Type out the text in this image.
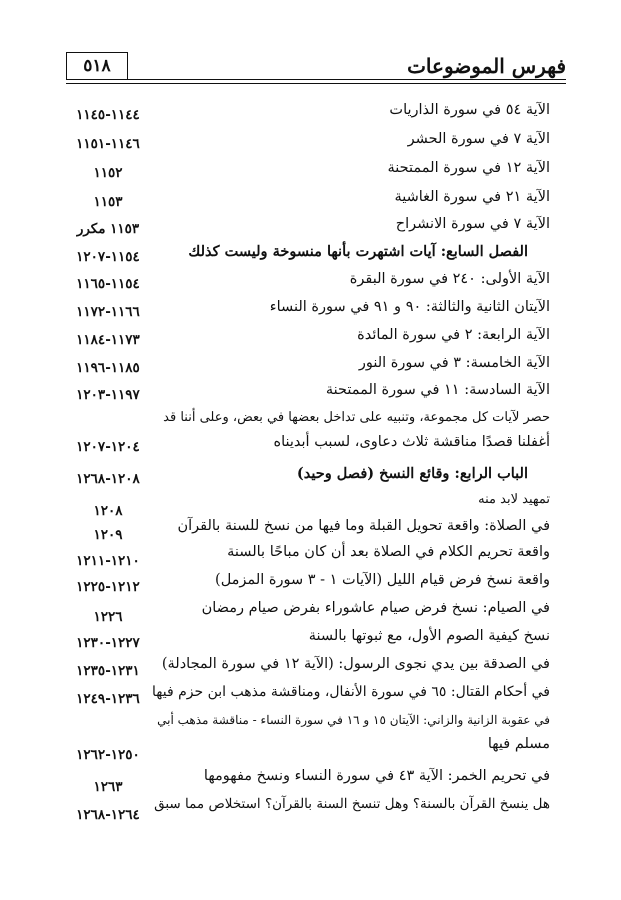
٥١٨	فهرس الموضوعات
الآية ٥٤ في سورة الذاريات
١١٤٤-١١٤٥
الآية ٧ في سورة الحشر
١١٤٦-١١٥١
الآية ١٢ في سورة الممتحنة
١١٥٢
الآية ٢١ في سورة الغاشية
١١٥٣
الآية ٧ في سورة الانشراح
١١٥٣ مكرر
الفصل السابع: آيات اشتهرت بأنها منسوخة وليست كذلك
١١٥٤-١٢٠٧
الآية الأولى: ٢٤٠ في سورة البقرة
١١٥٤-١١٦٥
الآيتان الثانية والثالثة: ٩٠ و ٩١ في سورة النساء
١١٦٦-١١٧٢
الآية الرابعة: ٢ في سورة المائدة
١١٧٣-١١٨٤
الآية الخامسة: ٣ في سورة النور
١١٨٥-١١٩٦
الآية السادسة: ١١ في سورة الممتحنة
١١٩٧-١٢٠٣
حصر لآيات كل مجموعة، وتنبيه على تداخل بعضها في بعض، وعلى أننا قد
أغفلنا قصدًا مناقشة ثلاث دعاوى، لسبب أبديناه
١٢٠٤-١٢٠٧
الباب الرابع: وقائع النسخ (فصل وحيد)
١٢٠٨-١٢٦٨
تمهيد لابد منه
١٢٠٨
في الصلاة: واقعة تحويل القبلة وما فيها من نسخ للسنة بالقرآن
١٢٠٩
واقعة تحريم الكلام في الصلاة بعد أن كان مباحًا بالسنة
١٢١٠-١٢١١
واقعة نسخ فرض قيام الليل (الآيات ١ - ٣ سورة المزمل)
١٢١٢-١٢٢٥
في الصيام: نسخ فرض صيام عاشوراء بفرض صيام رمضان
١٢٢٦
نسخ كيفية الصوم الأول، مع ثبوتها بالسنة
١٢٢٧-١٢٣٠
في الصدقة بين يدي نجوى الرسول: (الآية ١٢ في سورة المجادلة)
١٢٣١-١٢٣٥
في أحكام القتال: ٦٥ في سورة الأنفال، ومناقشة مذهب ابن حزم فيها
١٢٣٦-١٢٤٩
في عقوبة الزانية والزاني: الآيتان ١٥ و ١٦ في سورة النساء - مناقشة مذهب أبي
مسلم فيها
١٢٥٠-١٢٦٢
في تحريم الخمر: الآية ٤٣ في سورة النساء ونسخ مفهومها
١٢٦٣
هل ينسخ القرآن بالسنة؟ وهل تنسخ السنة بالقرآن؟ استخلاص مما سبق
١٢٦٤-١٢٦٨
